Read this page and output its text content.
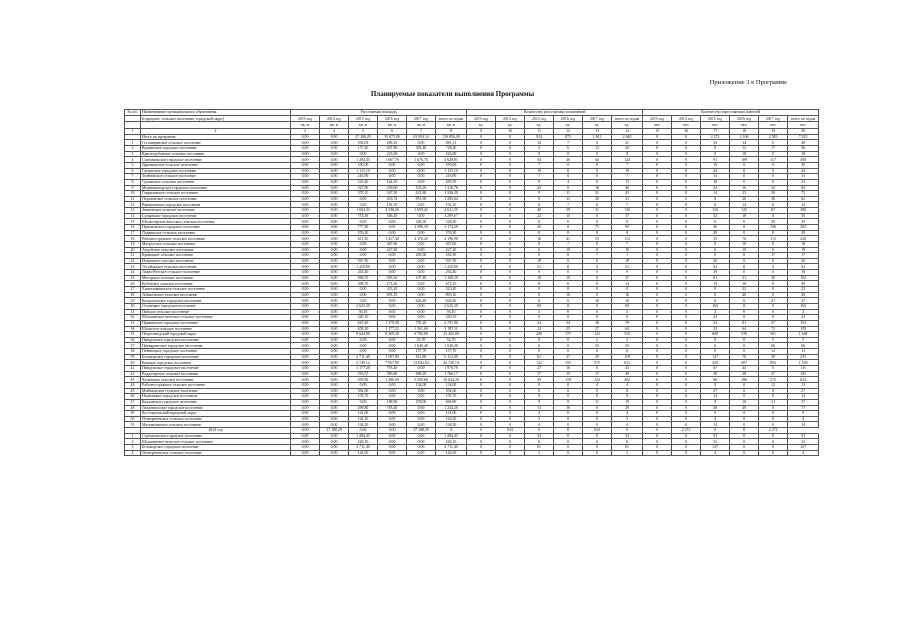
Приложение 3 к Программе
Планируемые показатели выполнения Программы
№ п/п	Наименование муниципального образования	Расселяемая площадь						Количество расселяемых помещений						Количество переселяемых жителей					
	(городское, сельское поселение, городской округ)	2013 год	2014 год	2015 год	2016 год	2017 год	всего по годам	2013 год	2014 год	2015 год	2016 год	2017 год	всего по годам	2013 год	2014 год	2015 год	2016 год	2017 год	всего по годам
		кв. м	кв. м	кв. м	кв. м	кв. м	кв. м	ед.	ед.	ед.	ед.	ед.	ед.	чел.	чел.	чел.	чел.	чел.	чел.
1	2	3	4	5	6	7	8	9	10	11	12	13	14	15	16	17	18	19	20
	Итого по программе	0,00	0,00	37 186,29	35 675,86	43 994,34	116 856,49	0	0	924	875	1 841	2 640	0	0	2 272	2 166	2 585	7 023
1	Гостовщинское сельское поселение	0,00	0,00	592,03	289,10	0,00	881,13	0	0	14	7	0	21	0	0	35	14	0	49
2	Вуднинское городское поселение	0,00	0,00	157,20	267,80	303,40	728,40	0	0	3	6	12	20	0	0	8	12	17	36
3	Краснодубовское сельское поселение	0,00	0,00	0,00	243,60	0,00	243,60	0	0	0	8	0	8	0	0	0	18	0	18
4	Сортавальское городское поселение	0,00	0,00	1 284,45	1 667,76	1 676,70	4 628,91	0	0	34	46	44	124	0	0	91	109	117	308
5	Даровищское сельское поселение	0,00	0,00	250,00	0,00	0,00	250,00	0	0	7	0	0	7	0	0	10	0	0	20
6	Гатчинское городское поселение	0,00	0,00	1 115,10	0,00	0,00	1 115,10	0	0	19	0	0	19	0	0	44	0	0	44
7	Зелёновское сельское поселение	0,00	0,00	216,90	0,00	0,00	216,90	0	0	7	0	0	7	0	0	13	0	0	13
8	Сушинское сельское поселение	0,00	0,00	319,40	164,10	0,00	483,50	0	0	9	4	0	13	0	0	16	6	0	22
9	Медвежьегорское городское поселение	0,00	0,00	527,90	259,00	533,20	1 316,70	0	0	22	8	16	46	0	0	24	16	32	82
10	Гавриловское сельское поселение	0,00	0,00	357,10	347,30	631,80	1 336,20	0	0	9	11	21	41	0	0	14	23	38	75
11	Пороховское сельское поселение	0,00	0,00	0,00	433,74	851,90	1 285,64	0	0	0	11	20	31	0	0	0	26	36	62
12	Вараксинское городское поселение	0,00	0,00	0,00	192,10	0,00	192,10	0	0	0	7	0	7	0	0	0	14	0	14
13	Знаменское сельское поселение	0,00	0,00	1 694,33	2 198,26	1 659,42	4 631,55	0	0	40	59	31	130	0	0	116	125	67	308
14	Суоярвское городское поселение	0,00	0,00	753,18	546,49	0,00	1 299,67	0	0	22	15	0	37	0	0	32	18	0	50
15	Шелтозерское вепсское сельское поселение	0,00	0,00	0,00	0,00	328,30	328,30	0	0	0	0	8	8	0	0	0	0	29	29
16	Прионежское городское поселение	0,00	0,00	777,90	0,00	2 396,39	3 174,29	0	0	20	0	75	95	0	0	46	0	156	202
17	Ладвинское сельское поселение	0,00	0,00	376,30	0,00	0,00	376,30	0	0	8	0	0	8	0	0	20	0	0	20
18	Рабочеостровское сельское поселение	0,00	0,00	611,30	1 417,40	2 170,20	4 198,90	0	0	16	41	55	112	0	0	35	76	115	226
19	Матросское сельское поселение	0,00	0,00	0,00	367,60	0,00	367,60	0	0	0	7	0	7	0	0	0	18	0	18
20	Андобское сельское поселение	0,00	0,00	0,00	427,20	0,00	427,20	0	0	0	10	0	10	0	0	0	19	0	19
21	Кривецкое сельское поселение	0,00	0,00	0,00	0,00	265,50	265,50	0	0	0	0	7	7	0	0	0	0	17	17
22	Ильинское сельское поселение	0,00	0,00	567,50	0,00	0,00	567,50	0	0	18	0	0	18	0	0	36	0	0	36
23	Эссойльское сельское поселение	0,00	0,00	1 250,80	0,00	0,00	1 250,80	0	0	31	0	0	31	0	0	64	0	0	64
24	Ладва-Ветское сельское поселение	0,00	0,00	263,40	0,00	0,00	263,40	0	0	9	0	0	9	0	0	18	0	0	18
25	Мегорское сельское поселение	0,00	0,00	568,70	303,10	237,40	1 109,20	0	0	19	10	8	37	0	0	61	21	20	102
26	Кубовское сельское поселение	0,00	0,00	398,70	273,40	0,00	672,10	0	0	8	6	0	14	0	0	19	10	0	29
27	Хаапалампинское сельское поселение	0,00	0,00	0,00	323,20	0,00	323,20	0	0	0	8	0	8	0	0	0	22	0	22
28	Лоймольское сельское поселение	0,00	0,00	0,00	893,10	0,00	893,10	0	0	0	16	0	16	0	0	0	40	0	40
29	Кондопожское городское поселение	0,00	0,00	0,00	0,00	626,40	626,40	0	0	0	0	16	16	0	0	0	0	47	47
30	Олонецкое городское поселение	0,00	0,00	2 625,39	0,00	0,00	2 625,39	0	0	69	0	0	69	0	0	163	0	0	163
31	Пайское сельское поселение	0,00	0,00	56,10	0,00	0,00	56,10	0	0	3	0	0	3	0	0	2	0	0	2
32	Шокшинское вепсское сельское поселение	0,00	0,00	240,10	0,00	0,00	240,10	0	0	6	0	0	6	0	0	23	0	0	23
33	Пряжинское городское поселение	0,00	0,00	619,40	1 379,30	793,20	2 791,90	0	0	24	54	36	79	0	0	52	81	57	152
34	Шальское сельское поселение	0,00	0,00	458,30	1 177,21	1 561,60	3 197,11	0	0	12	25	27	64	0	0	23	64	72	159
35	Петрозаводский городской округ	0,00	0,00	8 644,90	8 309,30	6 790,80	23 405,00	0	0	208	175	142	525	0	0	608	539	561	1 648
36	Пиндушское городское поселение	0,00	0,00	0,00	0,00	52,70	52,70	0	0	0	0	2	2	0	0	0	0	5	5
37	Питкярантское городское поселение	0,00	0,00	0,00	0,00	1 040,40	1 040,40	0	0	0	0	25	25	0	0	0	0	66	66
38	Повенецкое городское поселение	0,00	0,00	0,00	0,00	157,70	157,70	0	0	0	0	6	6	0	0	0	0	12	12
39	Беломорское городское поселение	0,00	0,00	2 711,40	1 587,80	812,80	5 112,00	0	0	61	37	29	118	0	0	127	76	50	255
40	Кемское городское поселение	0,00	0,00	5 749,12	7 957,98	13 042,63	26 749,74	0	0	121	155	575	611	0	0	329	407	803	1 539
41	Пиндушское городское поселение	0,00	0,00	1 177,20	793,40	0,00	1 970,70	0	0	27	16	0	43	0	0	67	44	0	111
42	Водлозерское сельское поселение	0,00	0,00	516,57	580,40	669,20	1 766,17	0	0	17	15	17	49	0	0	30	28	47	105
43	Чупинское сельское поселение	0,00	0,00	939,90	1 486,00	5 208,60	10 634,20	0	0	29	118	122	262	0	0	66	286	272	624
44	Рабочеостровское сельское поселение	0,00	0,00	0,00	0,00	134,00	134,00	0	0	0	0	4	4	0	0	0	0	12	12
45	Мийнальское сельское поселение	0,00	0,00	392,60	0,00	0,00	392,60	0	0	8	0	0	8	0	0	27	0	0	27
46	Надвоицкое городское поселение	0,00	0,00	193,70	0,00	0,00	193,70	0	0	6	0	0	6	0	0	14	0	0	14
47	Кааламское городское поселение	0,00	0,00	0,00	188,90	478,00	666,90	0	0	0	8	11	19	0	0	0	16	21	37
48	Лахденпохское городское поселение	0,00	0,00	499,80	783,40	0,00	1 243,20	0	0	13	16	0	29	0	0	28	49	0	77
49	Костомукшский городской округ	0,00	0,00	141,00	0,00	0,00	141,00	0	0	4	0	0	4	0	0	9	0	0	9
50	Летнереченское сельское поселение	0,00	0,00	144,50	0,00	0,00	144,50	0	0	3	0	0	3	0	0	4	0	0	4
51	Маленьгинское сельское поселение	0,00	0,00	134,50	0,00	0,00	134,50	0	0	4	0	0	4	0	0	14	0	0	14
	2014 год	0,00	37 188,29	0,00	0,00	37 188,29	0	0	924	0	0	924	0	0	2 272	0	0	2 272	
1	Сортавальское городское поселение	0,00	0,00	1 284,45	0,00	0,00	1 284,45	0	0	34	0	0	34	0	0	91	0	0	91
2	Шокшинское вепсское сельское поселение	0,00	0,00	240,10	0,00	0,00	240,10	0	0	6	0	0	6	0	0	23	0	0	23
3	Беломорское городское поселение	0,00	0,00	2 711,40	0,00	0,00	2 711,40	0	0	61	0	0	61	0	0	127	0	0	127
4	Летнереченское сельское поселение	0,00	0,00	144,50	0,00	0,00	144,50	0	0	3	0	0	3	0	0	4	0	0	4
